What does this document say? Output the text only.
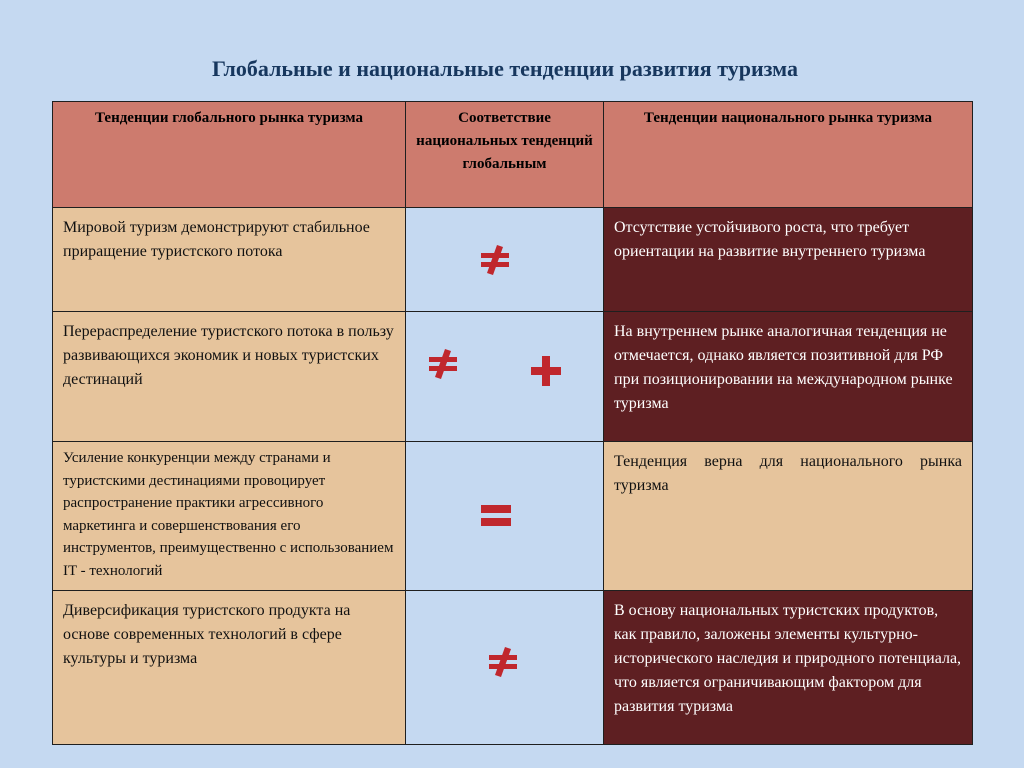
Глобальные и национальные тенденции развития туризма
Тенденции глобального рынка туризма	Соответствие национальных тенденций глобальным	Тенденции национального рынка туризма
Мировой туризм демонстрируют стабильное приращение туристского потока		Отсутствие устойчивого роста, что требует ориентации на развитие внутреннего туризма
Перераспределение туристского потока в пользу развивающихся экономик и новых туристских дестинаций		На внутреннем рынке аналогичная тенденция не отмечается, однако является позитивной для РФ при позиционировании на международном рынке туризма
Усиление конкуренции между странами и туристскими дестинациями провоцирует распространение практики агрессивного маркетинга и совершенствования его инструментов, преимущественно с использованием IT - технологий		Тенденция верна для национального рынка туризма
Диверсификация туристского продукта на основе современных технологий в сфере культуры и туризма		В основу национальных туристских продуктов, как правило, заложены элементы культурно-исторического наследия и природного потенциала, что является ограничивающим фактором для развития туризма
